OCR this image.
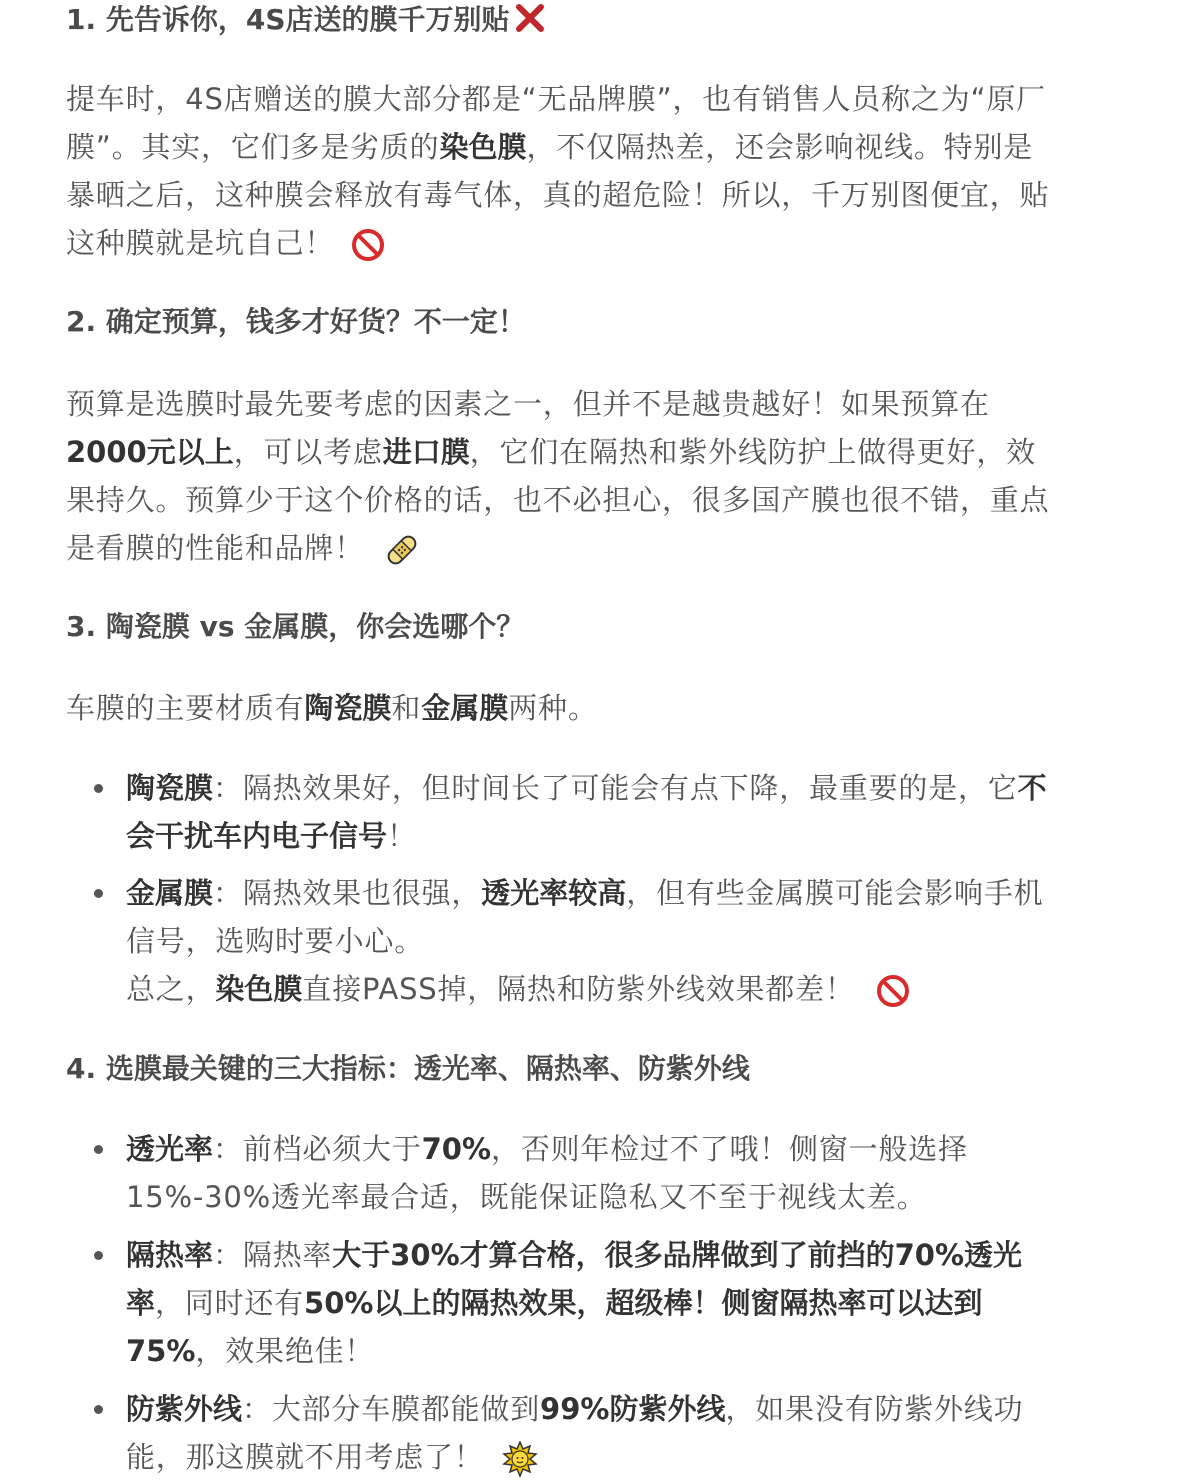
1. 先告诉你，4S店送的膜千万别贴
提车时，4S店赠送的膜大部分都是“无品牌膜”，也有销售人员称之为“原厂
膜”。其实，它们多是劣质的染色膜，不仅隔热差，还会影响视线。特别是
暴晒之后，这种膜会释放有毒气体，真的超危险！所以，千万别图便宜，贴
这种膜就是坑自己！
2. 确定预算，钱多才好货？不一定！
预算是选膜时最先要考虑的因素之一，但并不是越贵越好！如果预算在
2000元以上，可以考虑进口膜，它们在隔热和紫外线防护上做得更好，效
果持久。预算少于这个价格的话，也不必担心，很多国产膜也很不错，重点
是看膜的性能和品牌！
3. 陶瓷膜 vs 金属膜，你会选哪个？
车膜的主要材质有陶瓷膜和金属膜两种。
陶瓷膜：隔热效果好，但时间长了可能会有点下降，最重要的是，它不
会干扰车内电子信号！
金属膜：隔热效果也很强，透光率较高，但有些金属膜可能会影响手机
信号，选购时要小心。
总之，染色膜直接PASS掉，隔热和防紫外线效果都差！
4. 选膜最关键的三大指标：透光率、隔热率、防紫外线
透光率：前档必须大于70%，否则年检过不了哦！侧窗一般选择
15%-30%透光率最合适，既能保证隐私又不至于视线太差。
隔热率：隔热率大于30%才算合格，很多品牌做到了前挡的70%透光
率，同时还有50%以上的隔热效果，超级棒！侧窗隔热率可以达到
75%，效果绝佳！
防紫外线：大部分车膜都能做到99%防紫外线，如果没有防紫外线功
能，那这膜就不用考虑了！
